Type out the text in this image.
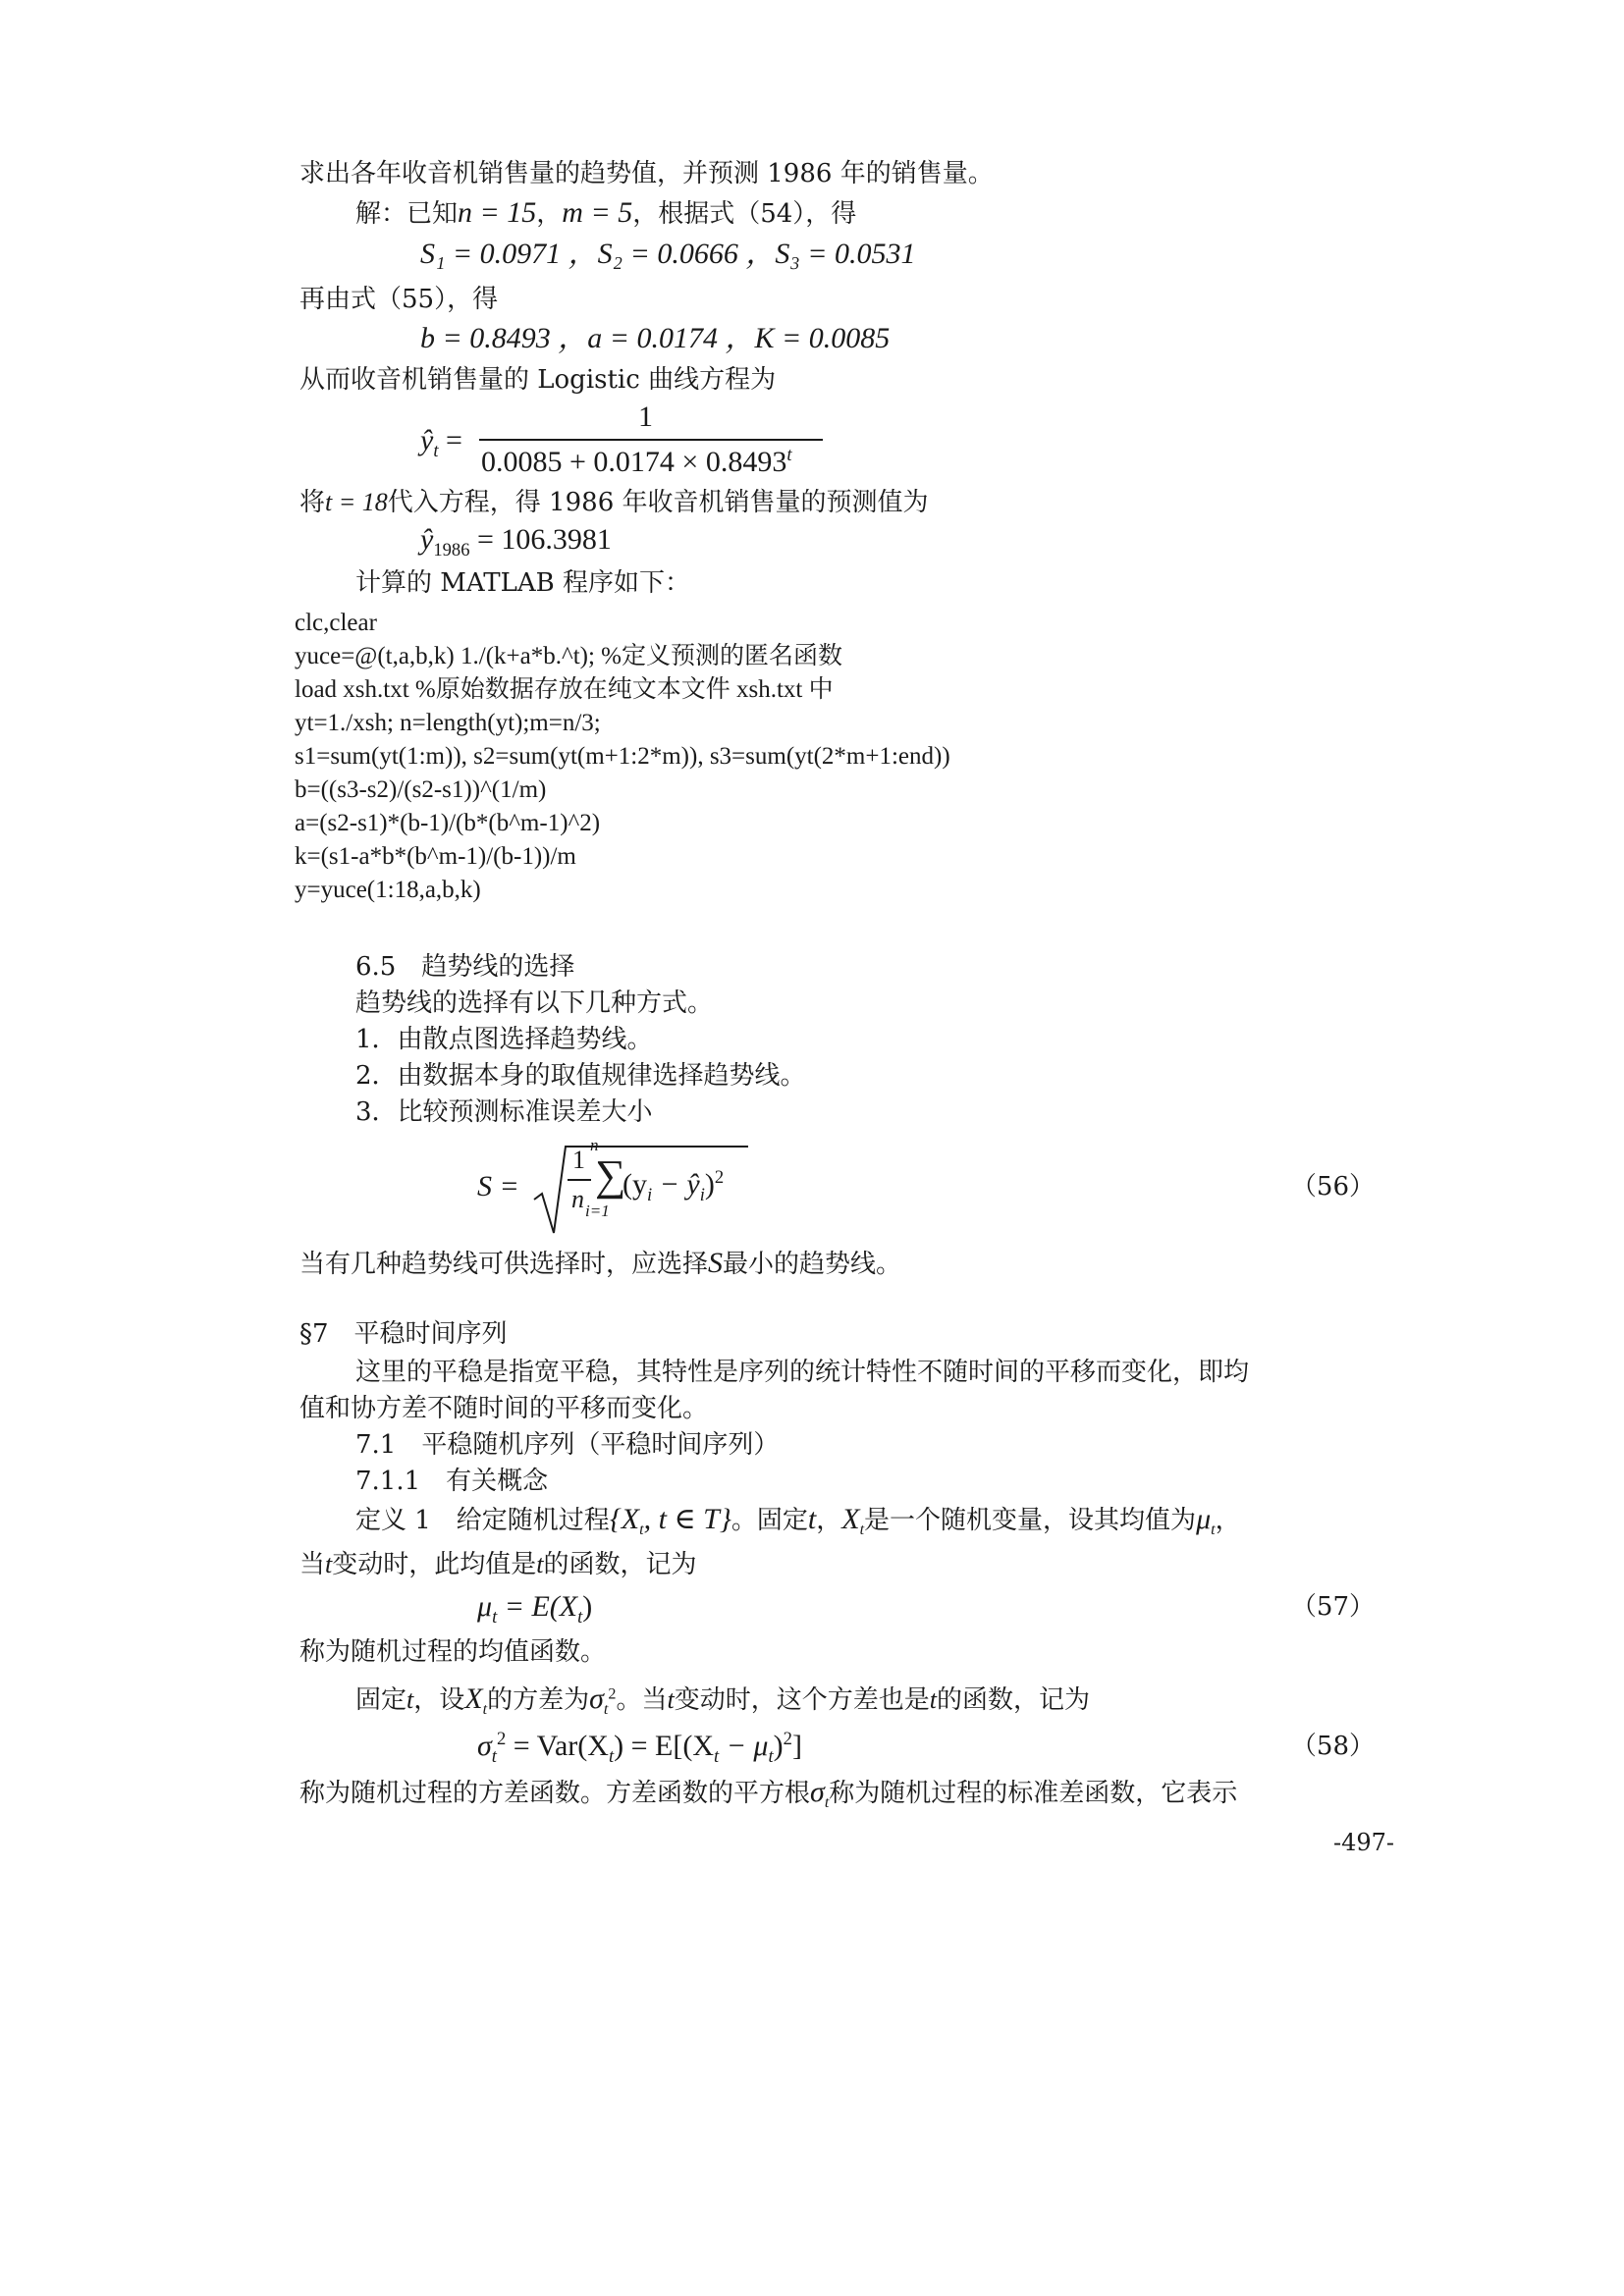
求出各年收音机销售量的趋势值，并预测 1986 年的销售量。
解：已知n = 15，m = 5，根据式（54），得
S₁ = 0.0971 ，S₂ = 0.0666 ，S₃ = 0.0531
再由式（55），得
b = 0.8493 ，a = 0.0174 ，K = 0.0085
从而收音机销售量的 Logistic 曲线方程为
$ŷ_t$ =
1
$0.0085 + 0.0174 \times 0.8493^t$
将t = 18代入方程，得 1986 年收音机销售量的预测值为
$ŷ_{1986} = 106.3981$
计算的 MATLAB 程序如下：
clc,clear
yuce=@(t,a,b,k) 1./(k+a*b.^t); %定义预测的匿名函数
load xsh.txt %原始数据存放在纯文本文件 xsh.txt 中
yt=1./xsh; n=length(yt);m=n/3;
s1=sum(yt(1:m)), s2=sum(yt(m+1:2*m)), s3=sum(yt(2*m+1:end))
b=((s3-s2)/(s2-s1))^(1/m)
a=(s2-s1)*(b-1)/(b*(b^m-1)^2)
k=(s1-a*b*(b^m-1)/(b-1))/m
y=yuce(1:18,a,b,k)
6.5　趋势线的选择
趋势线的选择有以下几种方式。
1．由散点图选择趋势线。
2．由数据本身的取值规律选择趋势线。
3．比较预测标准误差大小
S =
1
n
n
∑
i=1
($y_i$ − $ŷ_i)^2$	（56）
当有几种趋势线可供选择时，应选择S最小的趋势线。
§7　平稳时间序列
这里的平稳是指宽平稳，其特性是序列的统计特性不随时间的平移而变化，即均
值和协方差不随时间的平移而变化。
7.1　平稳随机序列（平稳时间序列）
7.1.1　有关概念
定义 1　给定随机过程{$X_t$, t ∈ T}。固定t，$X_t$是一个随机变量，设其均值为$\mu_t$，
当t变动时，此均值是t的函数，记为
$\mu_t = E(X_t)$	（57）
称为随机过程的均值函数。
固定t，设$X_t$的方差为$\sigma_t^2$。当t变动时，这个方差也是t的函数，记为
$\sigma_t^2 = Var(X_t) = E[(X_t - \mu_t)^2]$	（58）
称为随机过程的方差函数。方差函数的平方根$\sigma_t$称为随机过程的标准差函数，它表示
-497-
